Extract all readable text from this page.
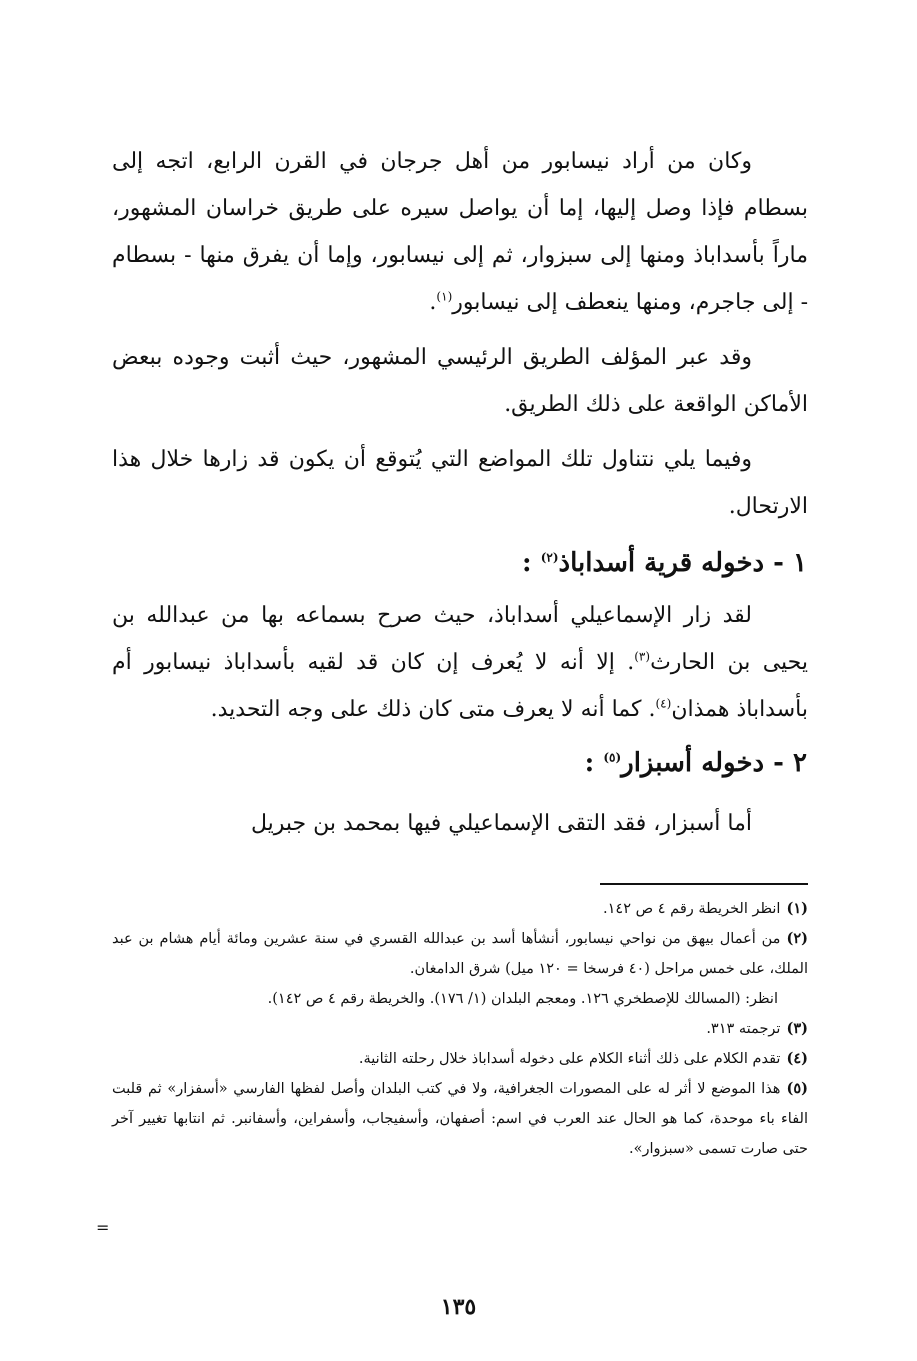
وكان من أراد نيسابور من أهل جرجان في القرن الرابع، اتجه إلى بسطام فإذا وصل إليها، إما أن يواصل سيره على طريق خراسان المشهور، ماراً بأسداباذ ومنها إلى سبزوار، ثم إلى نيسابور، وإما أن يفرق منها - بسطام - إلى جاجرم، ومنها ينعطف إلى نيسابور$^{(١)}$.

وقد عبر المؤلف الطريق الرئيسي المشهور، حيث أثبت وجوده ببعض الأماكن الواقعة على ذلك الطريق.

وفيما يلي نتناول تلك المواضع التي يُتوقع أن يكون قد زارها خلال هذا الارتحال.

١ - دخوله قرية أسداباذ$^{(٢)}$ :

لقد زار الإسماعيلي أسداباذ، حيث صرح بسماعه بها من عبدالله بن يحيى بن الحارث$^{(٣)}$. إلا أنه لا يُعرف إن كان قد لقيه بأسداباذ نيسابور أم بأسداباذ همذان$^{(٤)}$. كما أنه لا يعرف متى كان ذلك على وجه التحديد.

٢ - دخوله أسبزار$^{(٥)}$ :

أما أسبزار، فقد التقى الإسماعيلي فيها بمحمد بن جبريل

(١)انظر الخريطة رقم ٤ ص ١٤٢.

(٢)من أعمال بيهق من نواحي نيسابور، أنشأها أسد بن عبدالله القسري في سنة عشرين ومائة أيام هشام بن عبد الملك، على خمس مراحل (٤٠ فرسخا = ١٢٠ ميل) شرق الدامغان.

انظر: (المسالك للإصطخري ١٢٦. ومعجم البلدان (١/ ١٧٦). والخريطة رقم ٤ ص ١٤٢).

(٣)ترجمته ٣١٣.

(٤)تقدم الكلام على ذلك أثناء الكلام على دخوله أسداباذ خلال رحلته الثانية.

(٥)هذا الموضع لا أثر له على المصورات الجغرافية، ولا في كتب البلدان وأصل لفظها الفارسي «أسفزار» ثم قلبت الفاء باء موحدة، كما هو الحال عند العرب في اسم: أصفهان، وأسفيجاب، وأسفراين، وأسفانبر. ثم انتابها تغيير آخر حتى صارت تسمى «سبزوار».

=
١٣٥
